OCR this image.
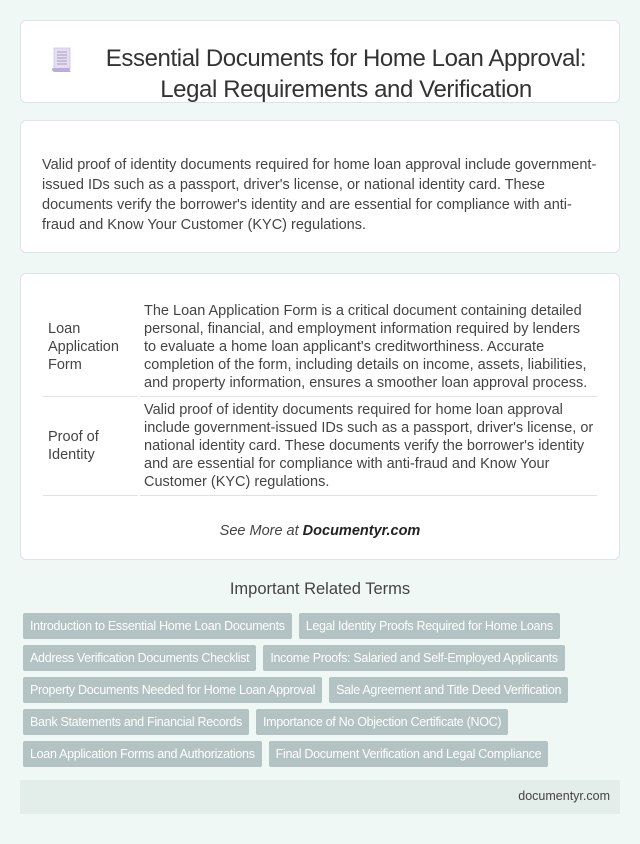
Essential Documents for Home Loan Approval: Legal Requirements and Verification

Valid proof of identity documents required for home loan approval include government-issued IDs such as a passport, driver's license, or national identity card. These documents verify the borrower's identity and are essential for compliance with anti-fraud and Know Your Customer (KYC) regulations.

Loan Application Form	The Loan Application Form is a critical document containing detailed personal, financial, and employment information required by lenders to evaluate a home loan applicant's creditworthiness. Accurate completion of the form, including details on income, assets, liabilities, and property information, ensures a smoother loan approval process.
Proof of Identity	Valid proof of identity documents required for home loan approval include government-issued IDs such as a passport, driver's license, or national identity card. These documents verify the borrower's identity and are essential for compliance with anti-fraud and Know Your Customer (KYC) regulations.
See More at Documentyr.com
Important Related Terms
Introduction to Essential Home Loan Documents	Legal Identity Proofs Required for Home Loans
Address Verification Documents Checklist	Income Proofs: Salaried and Self-Employed Applicants
Property Documents Needed for Home Loan Approval	Sale Agreement and Title Deed Verification
Bank Statements and Financial Records	Importance of No Objection Certificate (NOC)
Loan Application Forms and Authorizations	Final Document Verification and Legal Compliance
documentyr.com
